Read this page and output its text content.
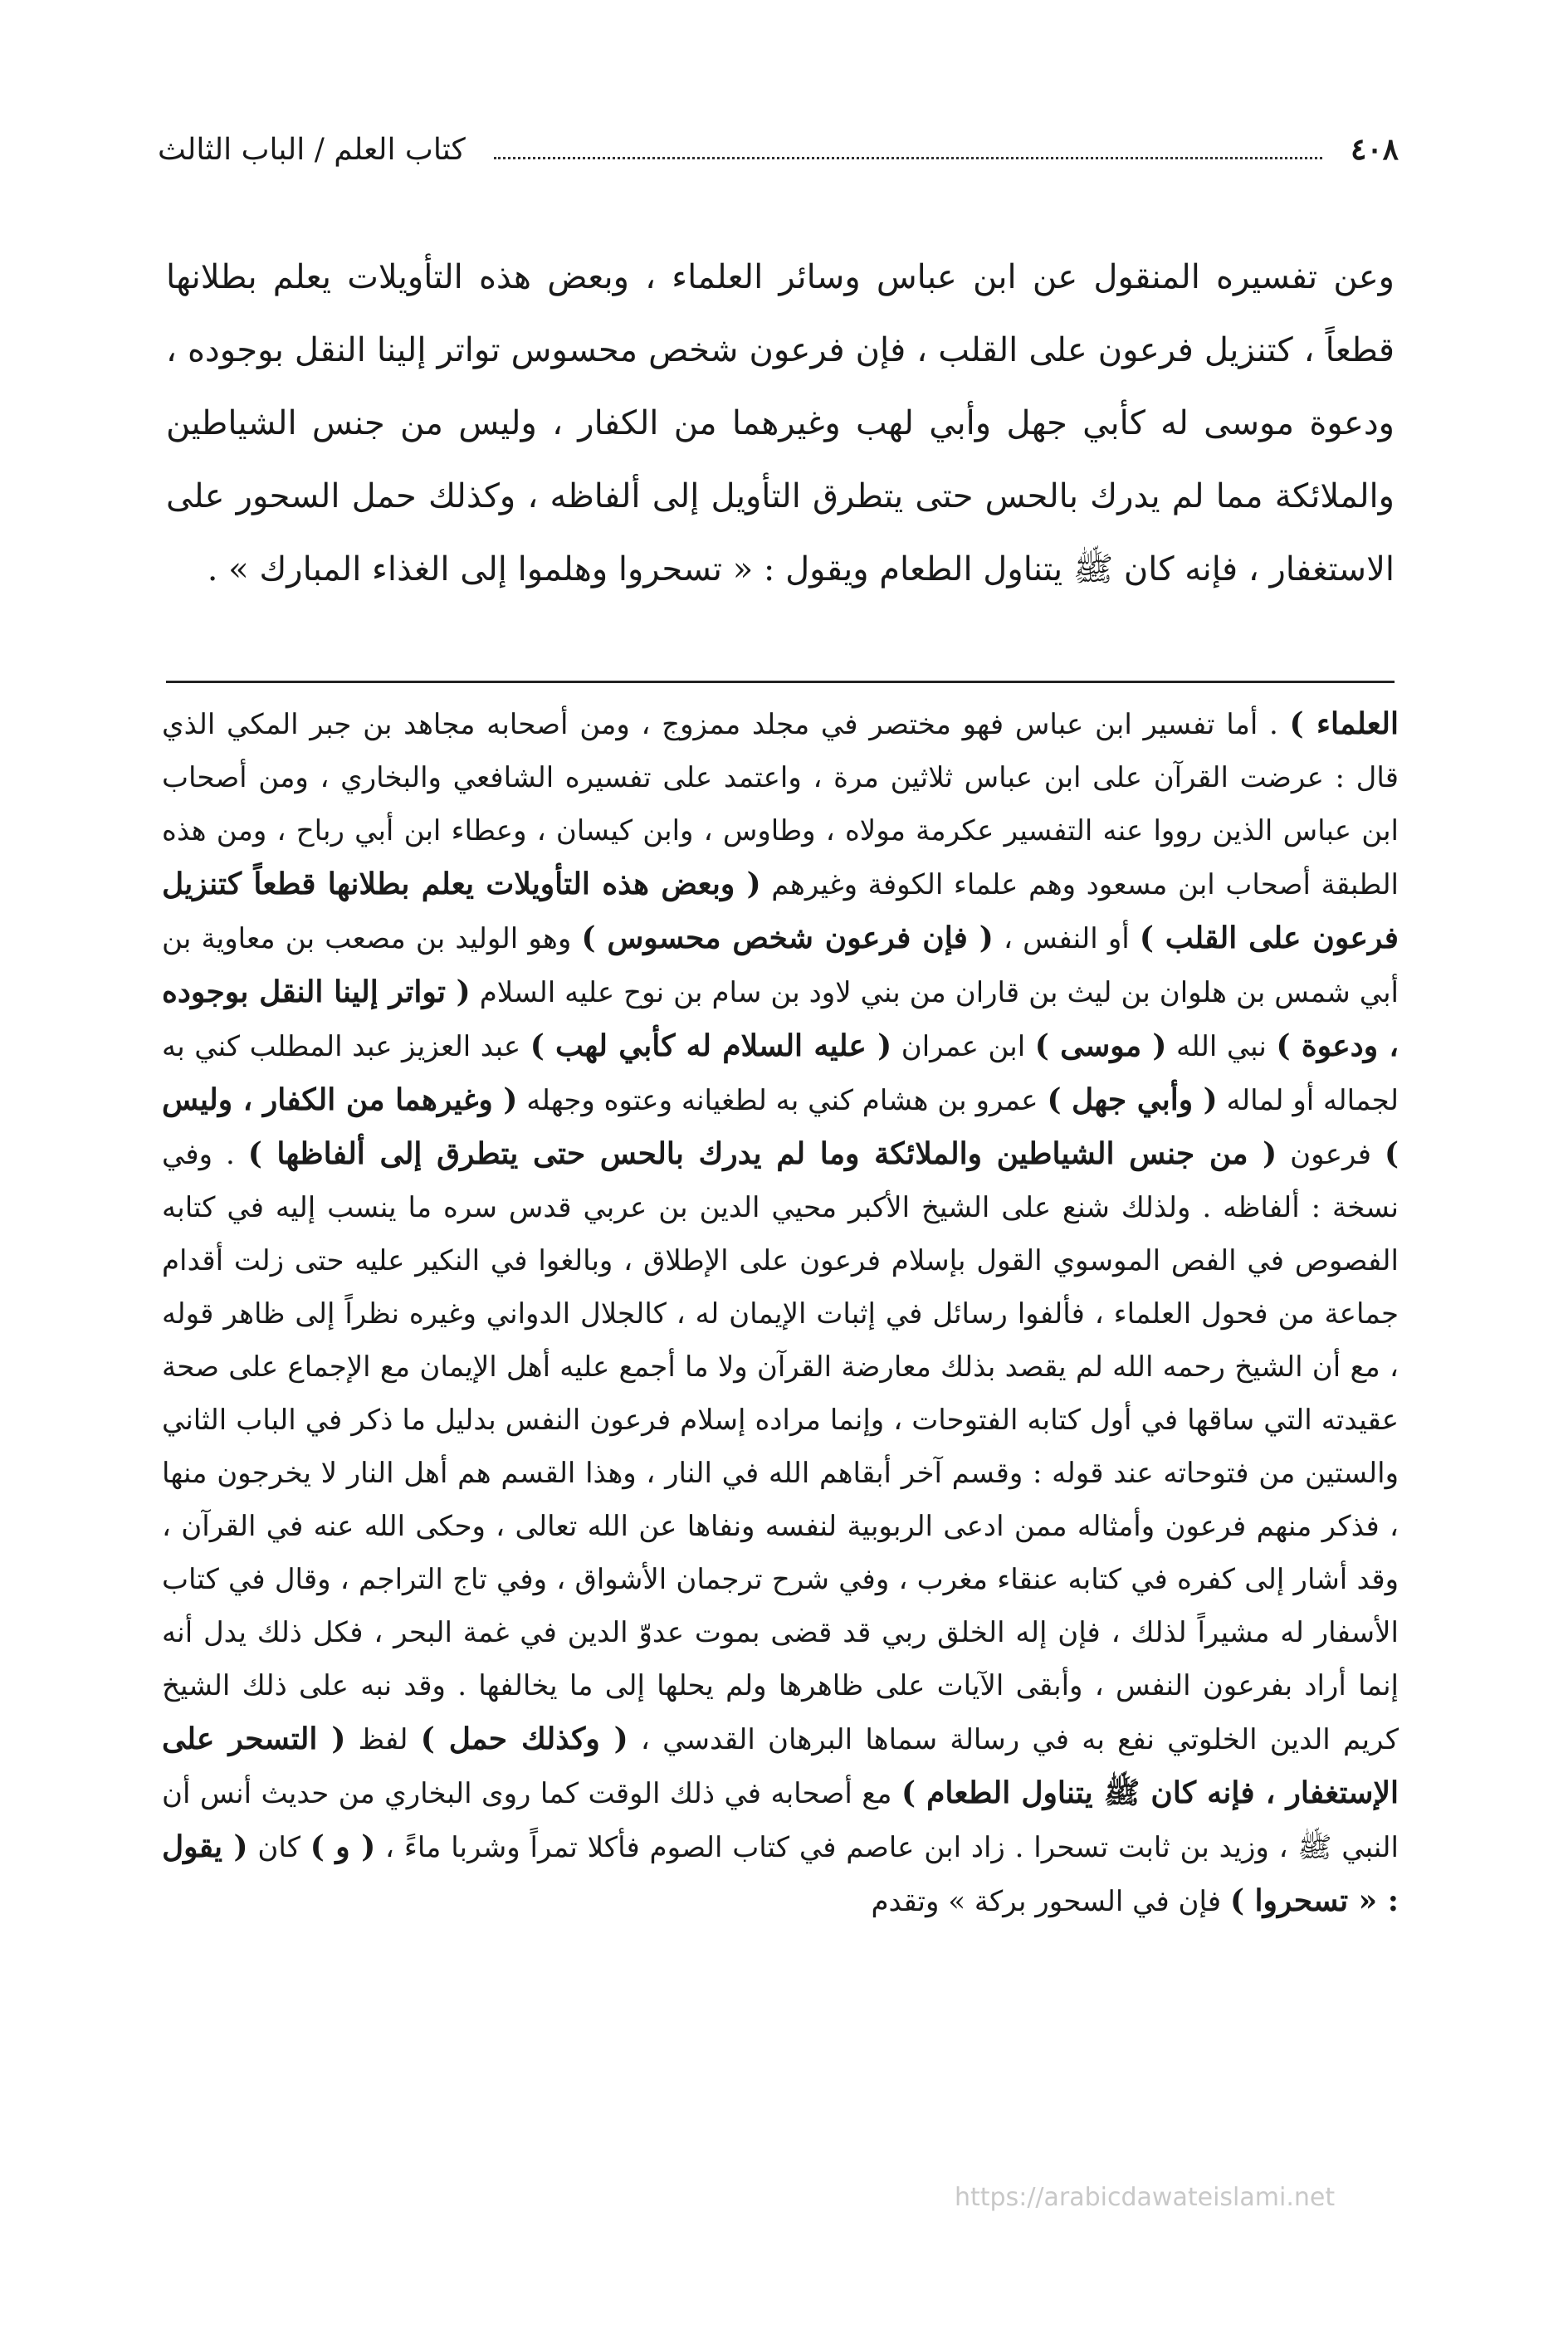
٤٠٨
كتاب العلم / الباب الثالث

وعن تفسيره المنقول عن ابن عباس وسائر العلماء ، وبعض هذه التأويلات يعلم بطلانها قطعاً ، كتنزيل فرعون على القلب ، فإن فرعون شخص محسوس تواتر إلينا النقل بوجوده ، ودعوة موسى له كأبي جهل وأبي لهب وغيرهما من الكفار ، وليس من جنس الشياطين والملائكة مما لم يدرك بالحس حتى يتطرق التأويل إلى ألفاظه ، وكذلك حمل السحور على الاستغفار ، فإنه كان ﷺ يتناول الطعام ويقول : « تسحروا وهلموا إلى الغذاء المبارك » .

العلماء ) . أما تفسير ابن عباس فهو مختصر في مجلد ممزوج ، ومن أصحابه مجاهد بن جبر المكي الذي قال : عرضت القرآن على ابن عباس ثلاثين مرة ، واعتمد على تفسيره الشافعي والبخاري ، ومن أصحاب ابن عباس الذين رووا عنه التفسير عكرمة مولاه ، وطاوس ، وابن كيسان ، وعطاء ابن أبي رباح ، ومن هذه الطبقة أصحاب ابن مسعود وهم علماء الكوفة وغيرهم ( وبعض هذه التأويلات يعلم بطلانها قطعاً كتنزيل فرعون على القلب ) أو النفس ، ( فإن فرعون شخص محسوس ) وهو الوليد بن مصعب بن معاوية بن أبي شمس بن هلوان بن ليث بن قاران من بني لاود بن سام بن نوح عليه السلام ( تواتر إلينا النقل بوجوده ، ودعوة ) نبي الله ( موسى ) ابن عمران ( عليه السلام له كأبي لهب ) عبد العزيز عبد المطلب كني به لجماله أو لماله ( وأبي جهل ) عمرو بن هشام كني به لطغيانه وعتوه وجهله ( وغيرهما من الكفار ، وليس ) فرعون ( من جنس الشياطين والملائكة وما لم يدرك بالحس حتى يتطرق إلى ألفاظها ) . وفي نسخة : ألفاظه . ولذلك شنع على الشيخ الأكبر محيي الدين بن عربي قدس سره ما ينسب إليه في كتابه الفصوص في الفص الموسوي القول بإسلام فرعون على الإطلاق ، وبالغوا في النكير عليه حتى زلت أقدام جماعة من فحول العلماء ، فألفوا رسائل في إثبات الإيمان له ، كالجلال الدواني وغيره نظراً إلى ظاهر قوله ، مع أن الشيخ رحمه الله لم يقصد بذلك معارضة القرآن ولا ما أجمع عليه أهل الإيمان مع الإجماع على صحة عقيدته التي ساقها في أول كتابه الفتوحات ، وإنما مراده إسلام فرعون النفس بدليل ما ذكر في الباب الثاني والستين من فتوحاته عند قوله : وقسم آخر أبقاهم الله في النار ، وهذا القسم هم أهل النار لا يخرجون منها ، فذكر منهم فرعون وأمثاله ممن ادعى الربوبية لنفسه ونفاها عن الله تعالى ، وحكى الله عنه في القرآن ، وقد أشار إلى كفره في كتابه عنقاء مغرب ، وفي شرح ترجمان الأشواق ، وفي تاج التراجم ، وقال في كتاب الأسفار له مشيراً لذلك ، فإن إله الخلق ربي قد قضى بموت عدوّ الدين في غمة البحر ، فكل ذلك يدل أنه إنما أراد بفرعون النفس ، وأبقى الآيات على ظاهرها ولم يحلها إلى ما يخالفها . وقد نبه على ذلك الشيخ كريم الدين الخلوتي نفع به في رسالة سماها البرهان القدسي ، ( وكذلك حمل ) لفظ ( التسحر على الإستغفار ، فإنه كان ﷺ يتناول الطعام ) مع أصحابه في ذلك الوقت كما روى البخاري من حديث أنس أن النبي ﷺ ، وزيد بن ثابت تسحرا . زاد ابن عاصم في كتاب الصوم فأكلا تمراً وشربا ماءً ، ( و ) كان ( يقول : « تسحروا ) فإن في السحور بركة » وتقدم
https://arabicdawateislami.net
